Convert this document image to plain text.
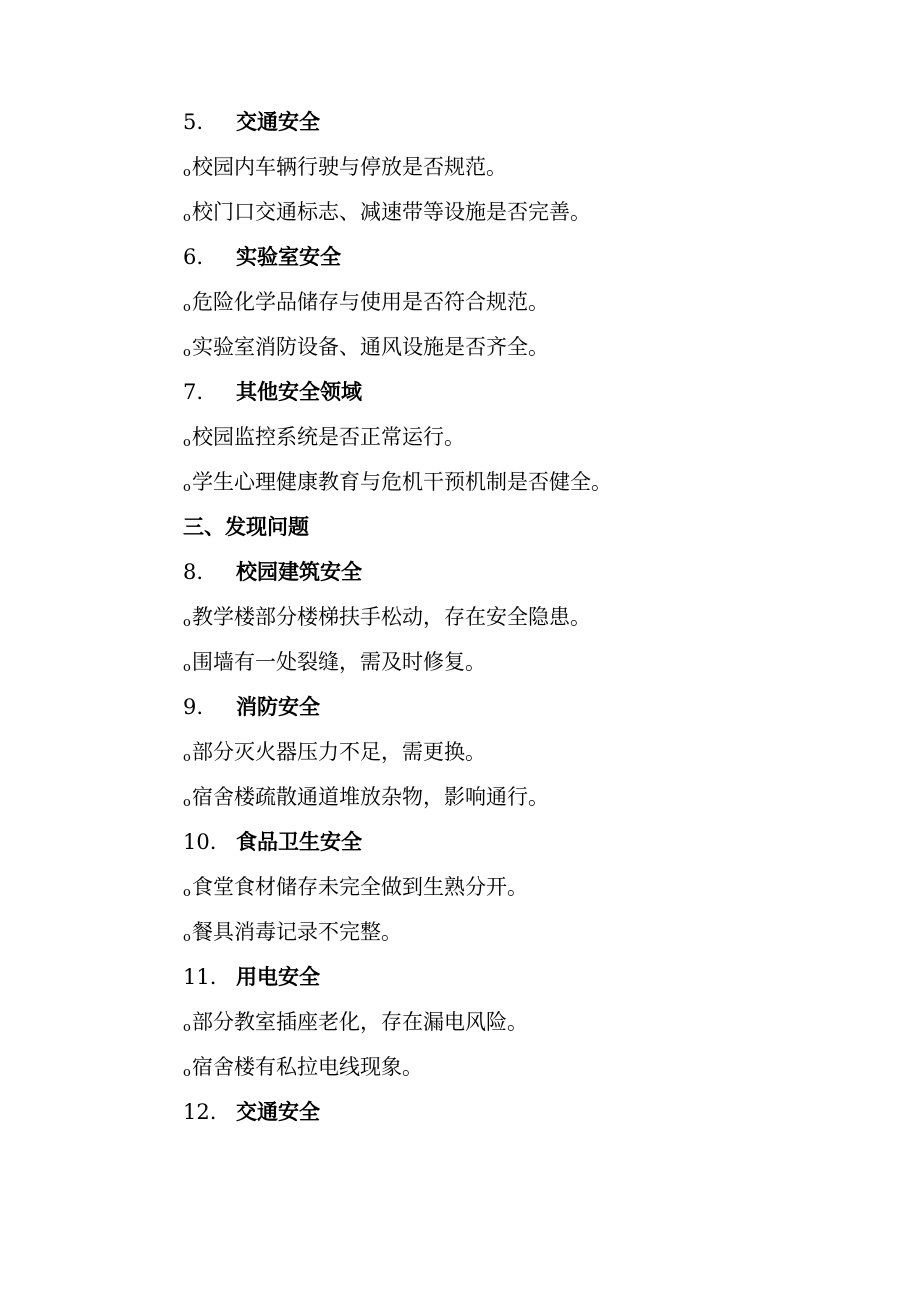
5. 交通安全
o校园内车辆行驶与停放是否规范。
o校门口交通标志、减速带等设施是否完善。
6. 实验室安全
o危险化学品储存与使用是否符合规范。
o实验室消防设备、通风设施是否齐全。
7. 其他安全领域
o校园监控系统是否正常运行。
o学生心理健康教育与危机干预机制是否健全。
三、发现问题
8. 校园建筑安全
o教学楼部分楼梯扶手松动，存在安全隐患。
o围墙有一处裂缝，需及时修复。
9. 消防安全
o部分灭火器压力不足，需更换。
o宿舍楼疏散通道堆放杂物，影响通行。
10. 食品卫生安全
o食堂食材储存未完全做到生熟分开。
o餐具消毒记录不完整。
11. 用电安全
o部分教室插座老化，存在漏电风险。
o宿舍楼有私拉电线现象。
12. 交通安全
